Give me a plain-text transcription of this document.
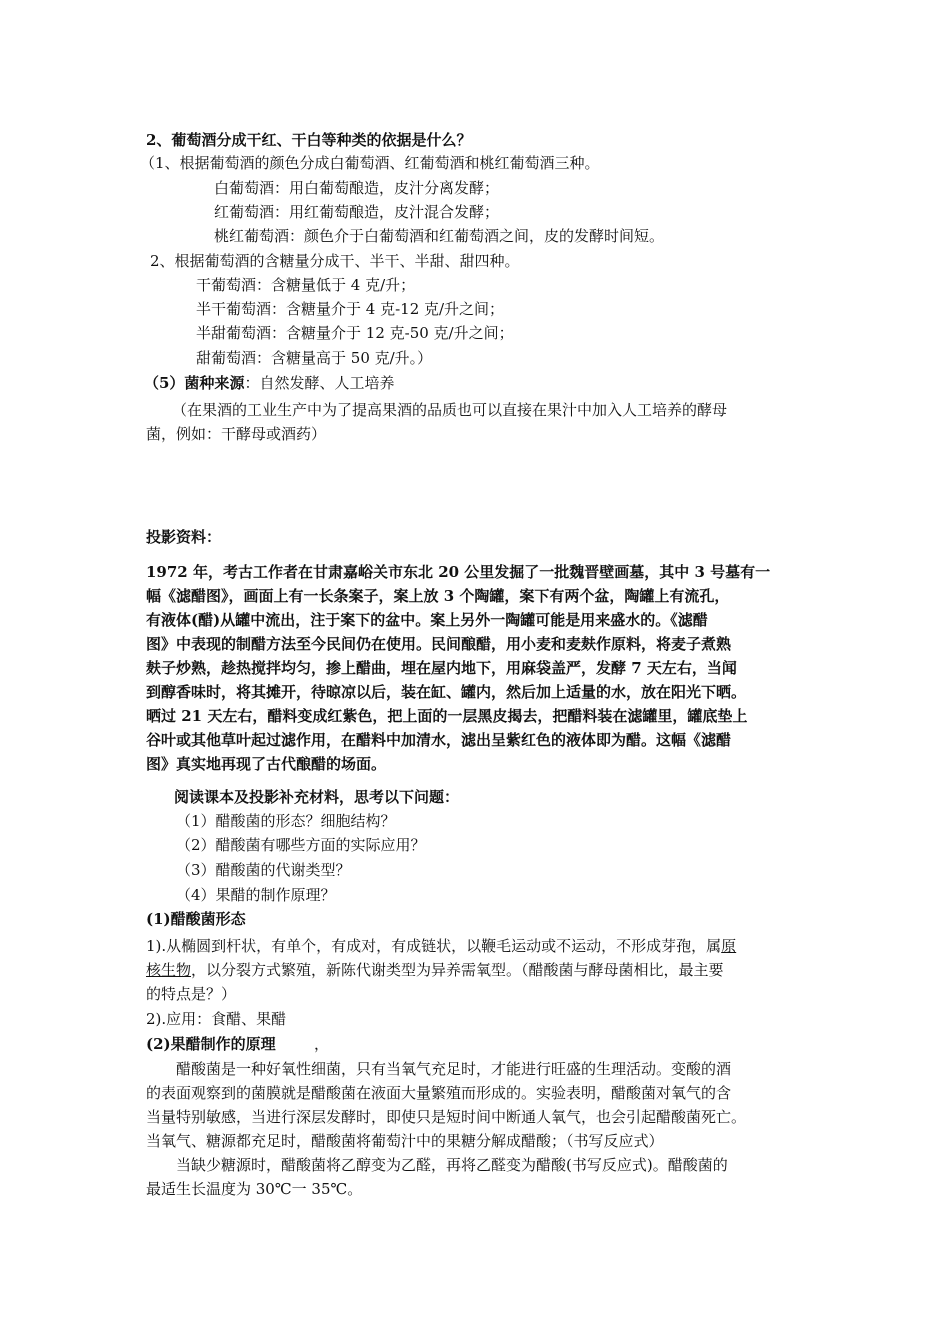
2、葡萄酒分成干红、干白等种类的依据是什么？
（1、根据葡萄酒的颜色分成白葡萄酒、红葡萄酒和桃红葡萄酒三种。
白葡萄酒：用白葡萄酿造，皮汁分离发酵；
红葡萄酒：用红葡萄酿造，皮汁混合发酵；
桃红葡萄酒：颜色介于白葡萄酒和红葡萄酒之间，皮的发酵时间短。
2、根据葡萄酒的含糖量分成干、半干、半甜、甜四种。
干葡萄酒：含糖量低于 4 克/升；
半干葡萄酒：含糖量介于 4 克-12 克/升之间；
半甜葡萄酒：含糖量介于 12 克-50 克/升之间；
甜葡萄酒：含糖量高于 50 克/升。）
（5）菌种来源：自然发酵、人工培养
（在果酒的工业生产中为了提高果酒的品质也可以直接在果汁中加入人工培养的酵母
菌，例如：干酵母或酒药）
投影资料：

1972 年，考古工作者在甘肃嘉峪关市东北 20 公里发掘了一批魏晋壁画墓，其中 3 号墓有一

幅《滤醋图》，画面上有一长条案子，案上放 3 个陶罐，案下有两个盆，陶罐上有流孔，

有液体(醋)从罐中流出，注于案下的盆中。案上另外一陶罐可能是用来盛水的。《滤醋

图》中表现的制醋方法至今民间仍在使用。民间酿醋，用小麦和麦麸作原料，将麦子煮熟

麸子炒熟，趁热搅拌均匀，掺上醋曲，埋在屋内地下，用麻袋盖严，发酵 7 天左右，当闻

到醇香味时，将其摊开，待晾凉以后，装在缸、罐内，然后加上适量的水，放在阳光下晒。

晒过 21 天左右，醋料变成红紫色，把上面的一层黑皮揭去，把醋料装在滤罐里，罐底垫上

谷叶或其他草叶起过滤作用，在醋料中加清水，滤出呈紫红色的液体即为醋。这幅《滤醋

图》真实地再现了古代酿醋的场面。

阅读课本及投影补充材料，思考以下问题：
（1）醋酸菌的形态？细胞结构？
（2）醋酸菌有哪些方面的实际应用？
（3）醋酸菌的代谢类型？
（4）果醋的制作原理？
(1)醋酸菌形态

1).从椭圆到杆状，有单个，有成对，有成链状，以鞭毛运动或不运动，不形成芽孢，属原

核生物，以分裂方式繁殖，新陈代谢类型为异养需氧型。（醋酸菌与酵母菌相比，最主要

的特点是？）

2).应用：食醋、果醋
(2)果醋制作的原理	，

醋酸菌是一种好氧性细菌，只有当氧气充足时，才能进行旺盛的生理活动。变酸的酒

的表面观察到的菌膜就是醋酸菌在液面大量繁殖而形成的。实验表明，醋酸菌对氧气的含

当量特别敏感，当进行深层发酵时，即使只是短时间中断通人氧气，也会引起醋酸菌死亡。

当氧气、糖源都充足时，醋酸菌将葡萄汁中的果糖分解成醋酸；（书写反应式）

当缺少糖源时，醋酸菌将乙醇变为乙醛，再将乙醛变为醋酸(书写反应式)。醋酸菌的

最适生长温度为 30℃一 35℃。
